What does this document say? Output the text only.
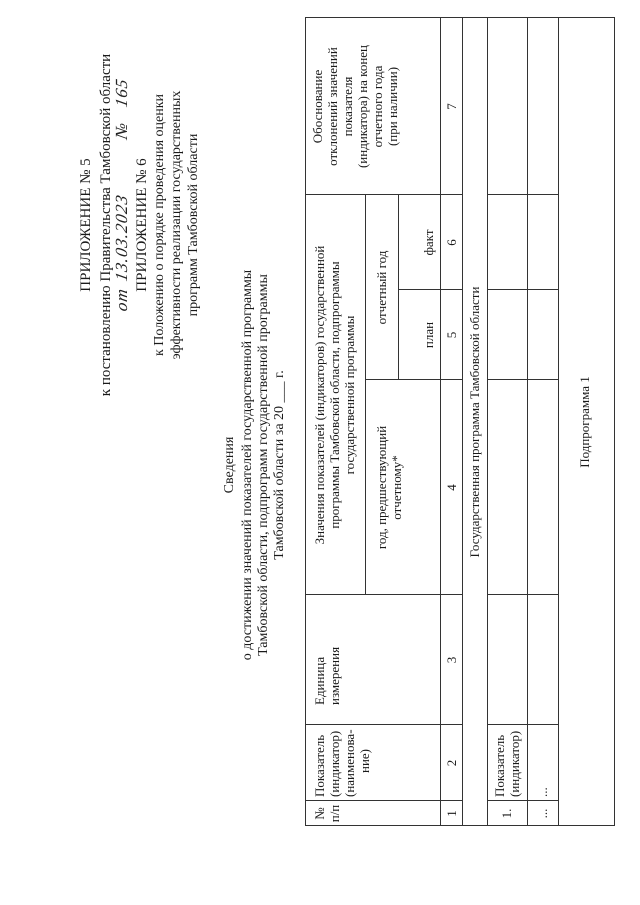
ПРИЛОЖЕНИЕ № 5 к постановлению Правительства Тамбовской области
от
13.03.2023
№
165
ПРИЛОЖЕНИЕ № 6 к Положению о порядке проведения оценки эффективности реализации государственных программ Тамбовской области
Сведения о достижении значений показателей государственной программы Тамбовской области, подпрограмм государственной программы Тамбовской области за 20 ___ г.
№ п/п
Показатель (индикатор) (наименова- ние)
Единица измерения
Значения показателей (индикаторов) государственной программы Тамбовской области, подпрограммы государственной программы
год, предшествующий отчетному*
отчетный год
план
факт
Обоснование отклонений значений показателя (индикатора) на конец отчетного года (при наличии)
1
2
3
4
5
6
7
Государственная программа Тамбовской области
1.
Показатель (индикатор)
...
...
Подпрограмма 1
